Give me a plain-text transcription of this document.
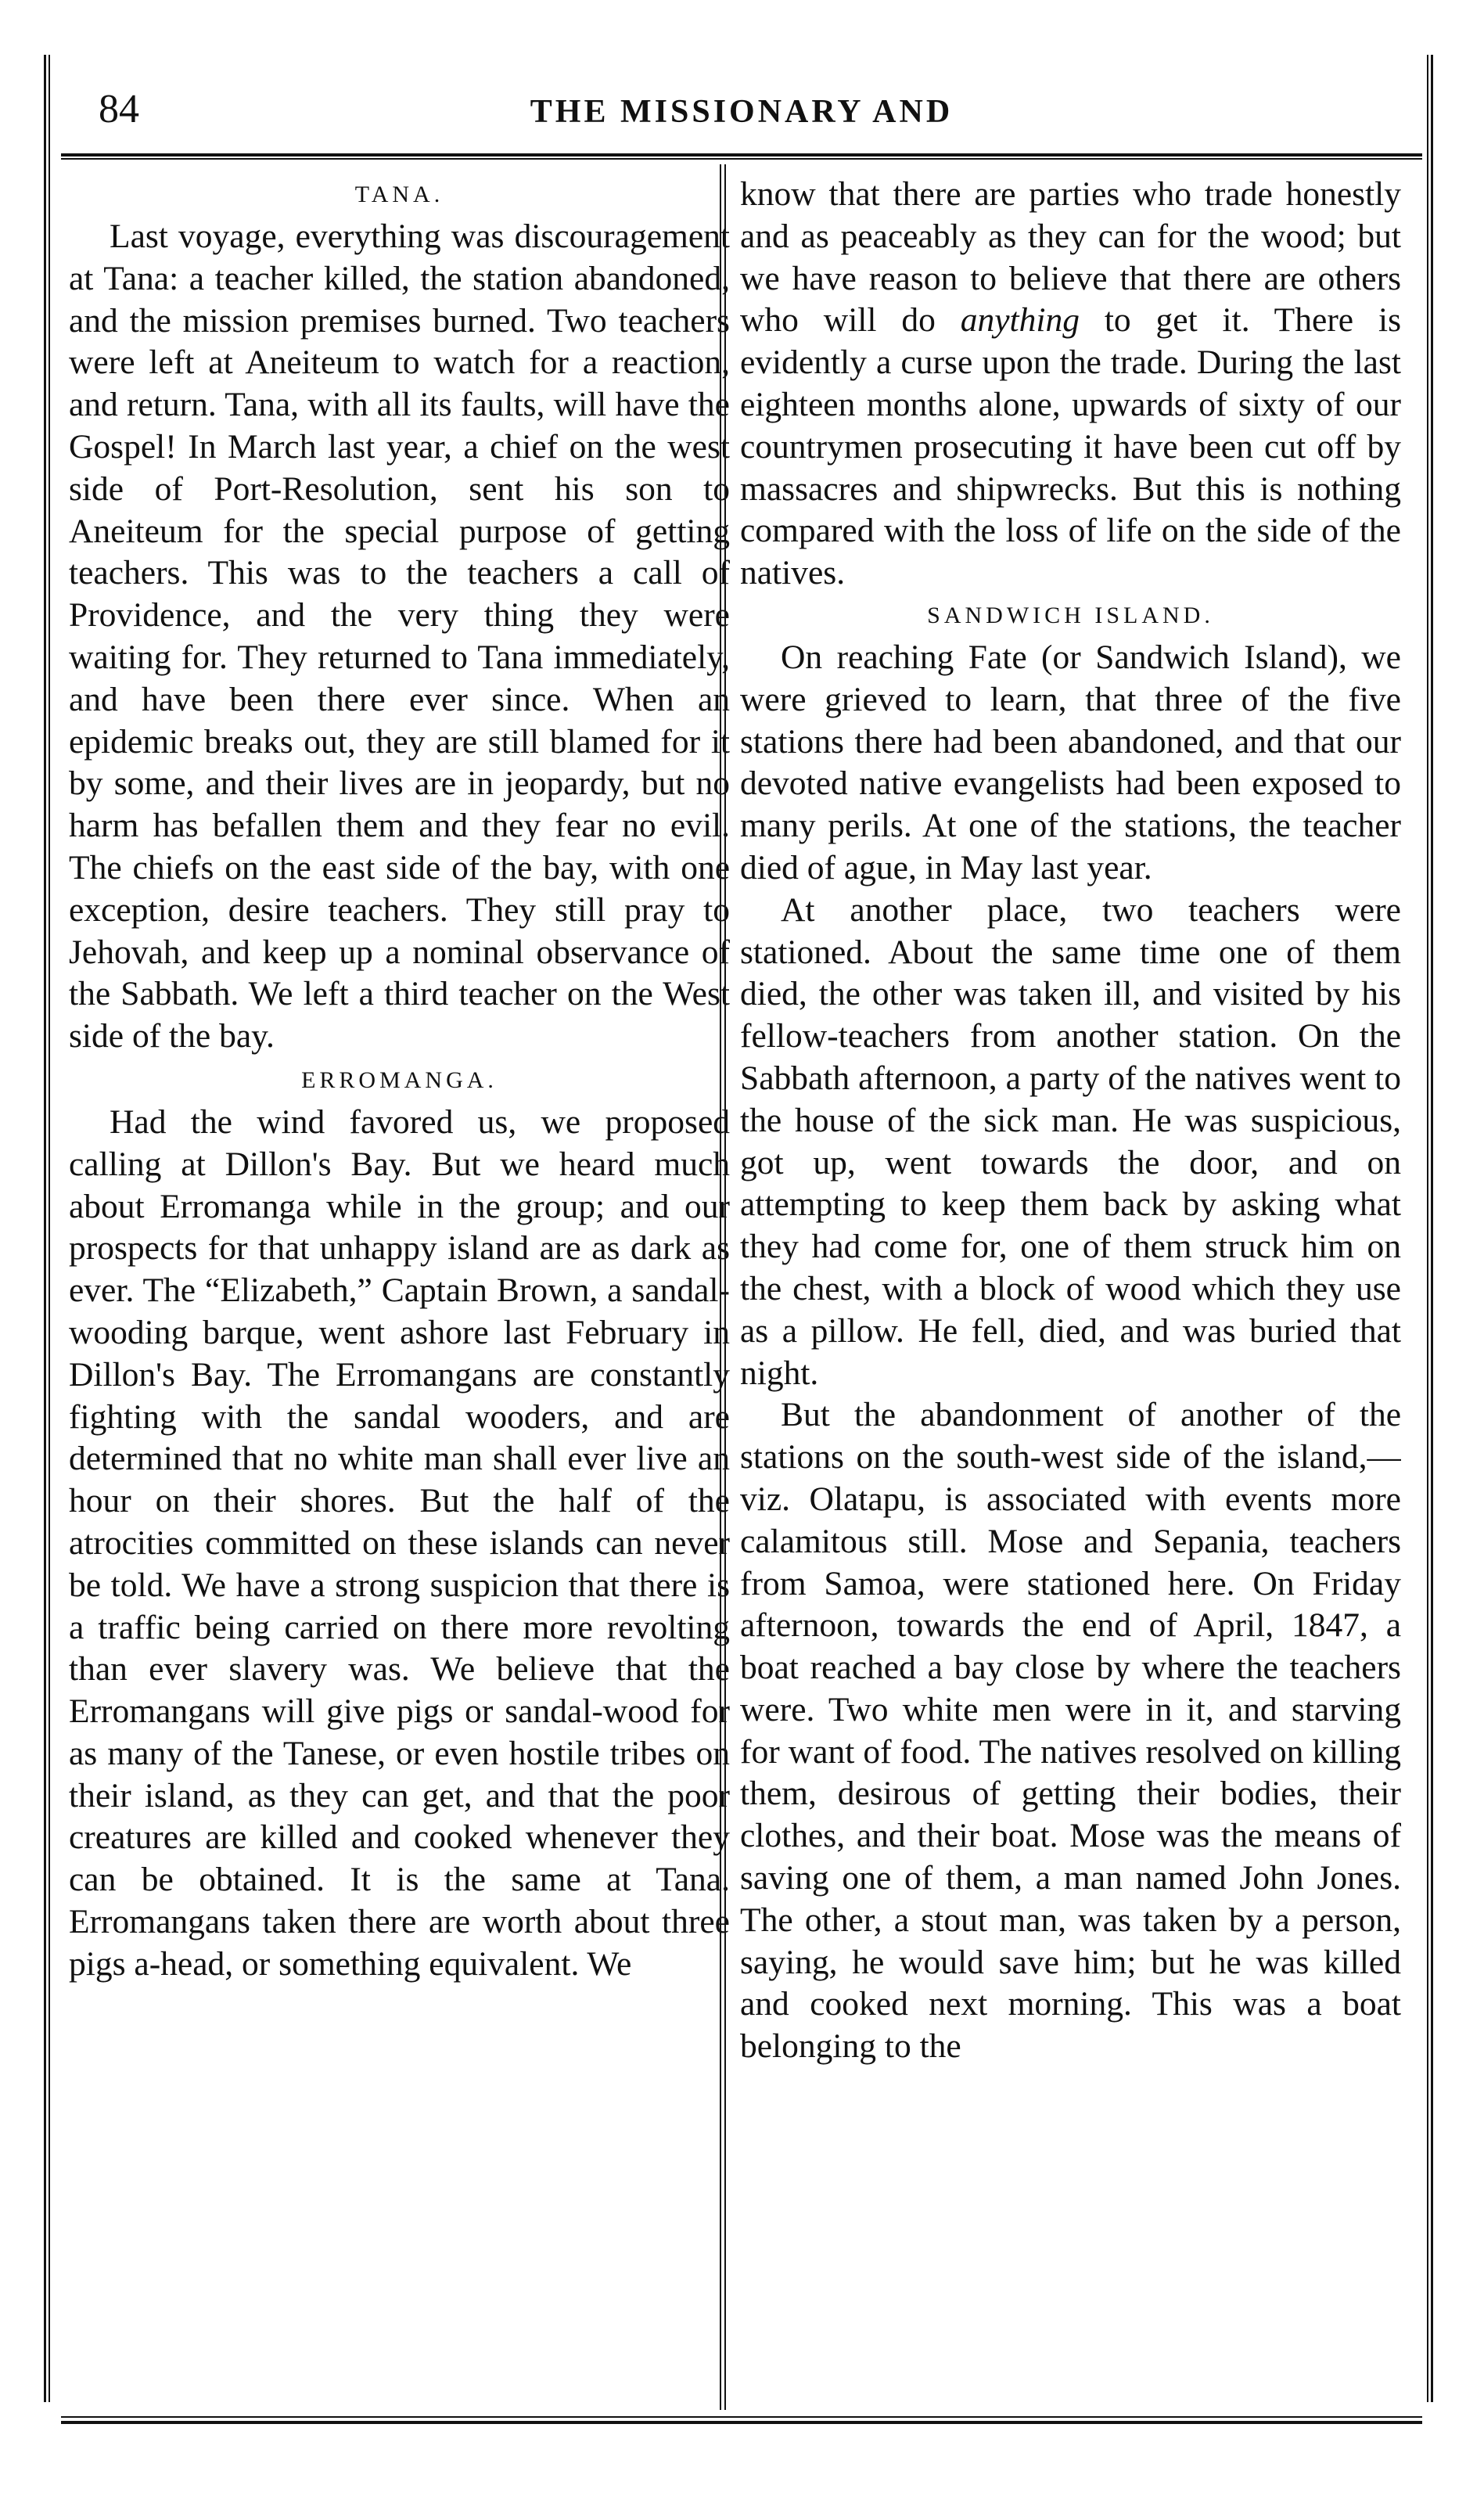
84	THE MISSIONARY AND

TANA.

Last voyage, everything was discouragement at Tana: a teacher killed, the station abandoned, and the mission premises burned. Two teachers were left at Aneiteum to watch for a reaction, and return. Tana, with all its faults, will have the Gospel! In March last year, a chief on the west side of Port-Resolution, sent his son to Aneiteum for the special purpose of getting teachers. This was to the teachers a call of Providence, and the very thing they were waiting for. They returned to Tana immediately, and have been there ever since. When an epidemic breaks out, they are still blamed for it by some, and their lives are in jeopardy, but no harm has befallen them and they fear no evil. The chiefs on the east side of the bay, with one exception, desire teachers. They still pray to Jehovah, and keep up a nominal observance of the Sabbath. We left a third teacher on the West side of the bay.

ERROMANGA.

Had the wind favored us, we proposed calling at Dillon's Bay. But we heard much about Erromanga while in the group; and our prospects for that unhappy island are as dark as ever. The “Elizabeth,” Captain Brown, a sandal-wooding barque, went ashore last February in Dillon's Bay. The Erromangans are constantly fighting with the sandal wooders, and are determined that no white man shall ever live an hour on their shores. But the half of the atrocities committed on these islands can never be told. We have a strong suspicion that there is a traffic being carried on there more revolting than ever slavery was. We believe that the Erromangans will give pigs or sandal-wood for as many of the Tanese, or even hostile tribes on their island, as they can get, and that the poor creatures are killed and cooked whenever they can be obtained. It is the same at Tana. Erromangans taken there are worth about three pigs a-head, or something equivalent. We

know that there are parties who trade honestly and as peaceably as they can for the wood; but we have reason to believe that there are others who will do anything to get it. There is evidently a curse upon the trade. During the last eighteen months alone, upwards of sixty of our countrymen prosecuting it have been cut off by massacres and shipwrecks. But this is nothing compared with the loss of life on the side of the natives.

SANDWICH ISLAND.

On reaching Fate (or Sandwich Island), we were grieved to learn, that three of the five stations there had been abandoned, and that our devoted native evangelists had been exposed to many perils. At one of the stations, the teacher died of ague, in May last year.

At another place, two teachers were stationed. About the same time one of them died, the other was taken ill, and visited by his fellow-teachers from another station. On the Sabbath afternoon, a party of the natives went to the house of the sick man. He was suspicious, got up, went towards the door, and on attempting to keep them back by asking what they had come for, one of them struck him on the chest, with a block of wood which they use as a pillow. He fell, died, and was buried that night.

But the abandonment of another of the stations on the south-west side of the island,—viz. Olatapu, is associated with events more calamitous still. Mose and Sepania, teachers from Samoa, were stationed here. On Friday afternoon, towards the end of April, 1847, a boat reached a bay close by where the teachers were. Two white men were in it, and starving for want of food. The natives resolved on killing them, desirous of getting their bodies, their clothes, and their boat. Mose was the means of saving one of them, a man named John Jones. The other, a stout man, was taken by a person, saying, he would save him; but he was killed and cooked next morning. This was a boat belonging to the
